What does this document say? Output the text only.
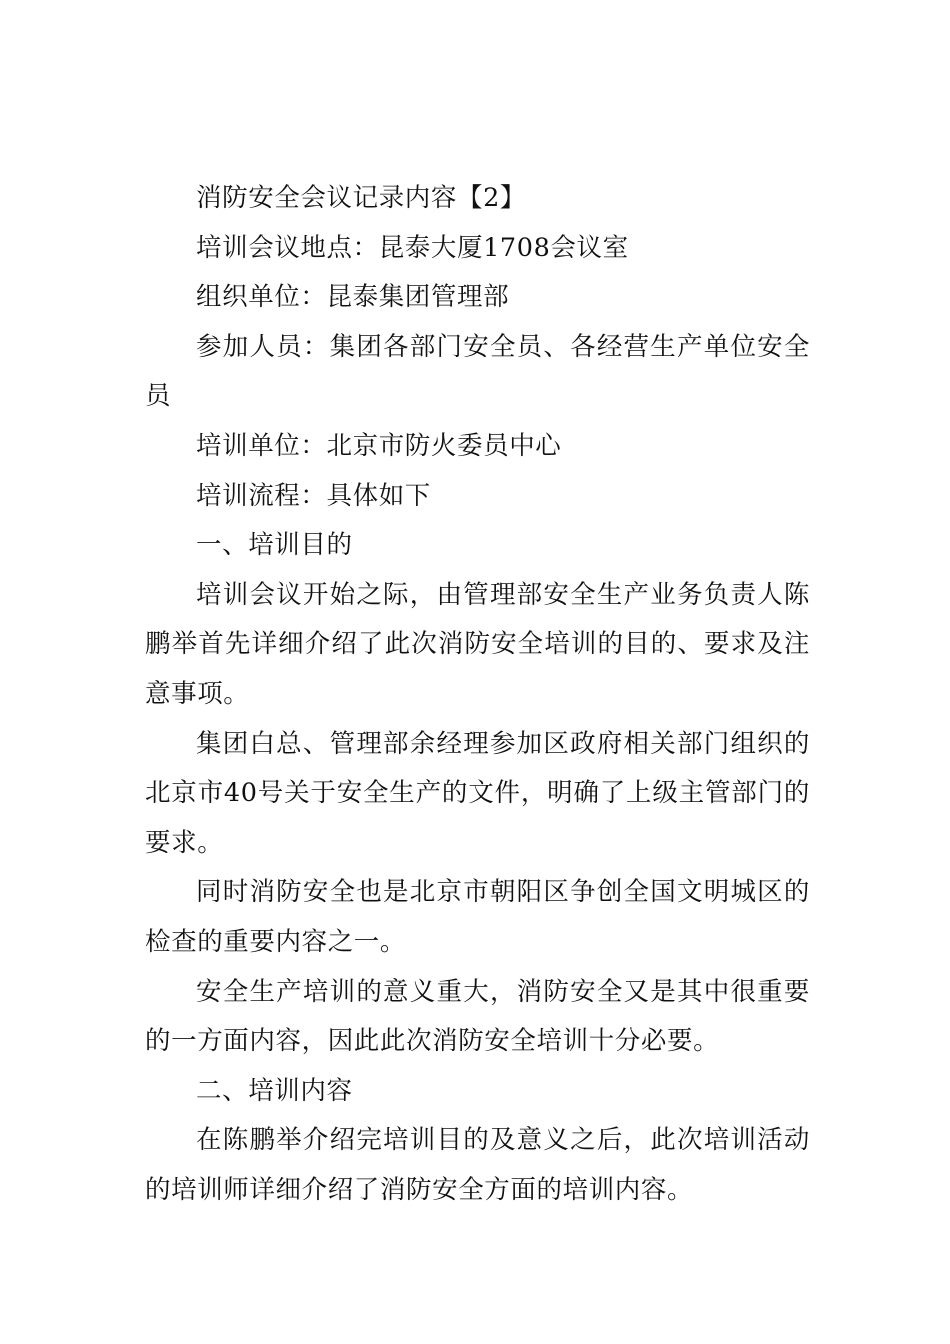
消防安全会议记录内容【2】

培训会议地点：昆泰大厦1708会议室

组织单位：昆泰集团管理部

参加人员：集团各部门安全员、各经营生产单位安全员

培训单位：北京市防火委员中心

培训流程：具体如下

一、培训目的

培训会议开始之际，由管理部安全生产业务负责人陈鹏举首先详细介绍了此次消防安全培训的目的、要求及注意事项。

集团白总、管理部余经理参加区政府相关部门组织的北京市40号关于安全生产的文件，明确了上级主管部门的要求。

同时消防安全也是北京市朝阳区争创全国文明城区的检查的重要内容之一。

安全生产培训的意义重大，消防安全又是其中很重要的一方面内容，因此此次消防安全培训十分必要。

二、培训内容

在陈鹏举介绍完培训目的及意义之后，此次培训活动的培训师详细介绍了消防安全方面的培训内容。
